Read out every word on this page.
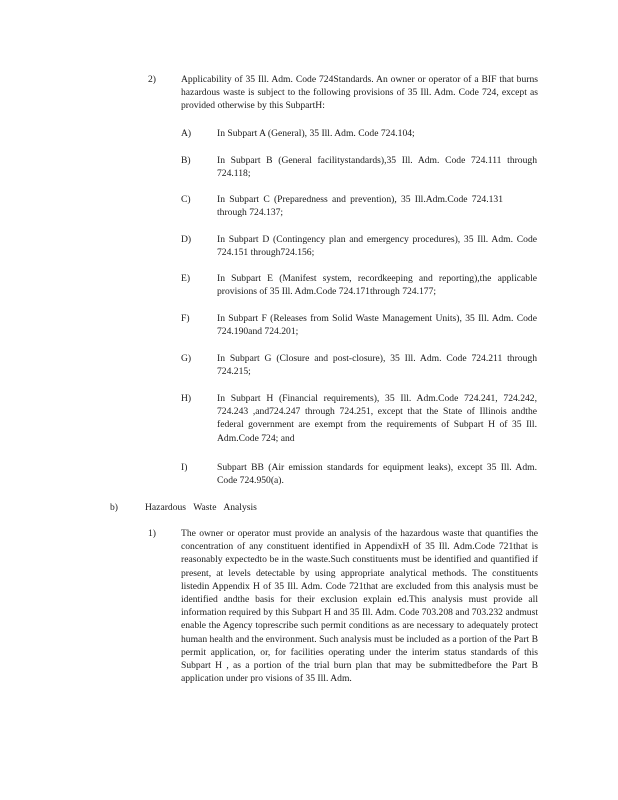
2)	Applicability of 35 Ill. Adm. Code 724Standards. An owner or operator of a BIF that burns hazardous waste is subject to the following provisions of 35 Ill. Adm. Code 724, except as provided otherwise by this SubpartH:
A)	In Subpart A (General), 35 Ill. Adm. Code 724.104;
B)	In Subpart B (General facilitystandards),35 Ill. Adm. Code 724.111 through 724.118;
C)	In Subpart C (Preparedness and prevention), 35 Ill.Adm.Code 724.131 through 724.137;
D)	In Subpart D (Contingency plan and emergency procedures), 35 Ill. Adm. Code 724.151 through724.156;
E)	In Subpart E (Manifest system, recordkeeping and reporting),the applicable provisions of 35 Ill. Adm.Code 724.171through 724.177;
F)	In Subpart F (Releases from Solid Waste Management Units), 35 Ill. Adm. Code 724.190and 724.201;
G)	In Subpart G (Closure and post-closure), 35 Ill. Adm. Code 724.211 through 724.215;
H)	In Subpart H (Financial requirements), 35 Ill. Adm.Code 724.241, 724.242, 724.243 ,and724.247 through 724.251, except that the State of Illinois andthe federal government are exempt from the requirements of Subpart H of 35 Ill. Adm.Code 724; and
I)	Subpart BB (Air emission standards for equipment leaks), except 35 Ill. Adm. Code 724.950(a).
b)	Hazardous Waste Analysis
1)	The owner or operator must provide an analysis of the hazardous waste that quantifies the concentration of any constituent identified in AppendixH of 35 Ill. Adm.Code 721that is reasonably expectedto be in the waste.Such constituents must be identified and quantified if present, at levels detectable by using appropriate analytical methods. The constituents listedin Appendix H of 35 Ill. Adm. Code 721that are excluded from this analysis must be identified andthe basis for their exclusion explain ed.This analysis must provide all information required by this Subpart H and 35 Ill. Adm. Code 703.208 and 703.232 andmust enable the Agency toprescribe such permit conditions as are necessary to adequately protect human health and the environment. Such analysis must be included as a portion of the Part B permit application, or, for facilities operating under the interim status standards of this Subpart H , as a portion of the trial burn plan that may be submittedbefore the Part B application under pro visions of 35 Ill. Adm.
